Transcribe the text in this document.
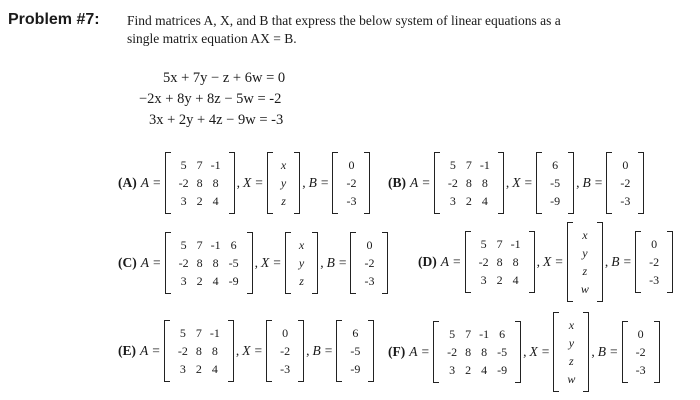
Problem #7: Find matrices A, X, and B that express the below system of linear equations as a
single matrix equation AX = B.
5x + 7y − z + 6w = 0
−2x + 8y + 8z − 5w = -2
3x + 2y + 4z − 9w = -3
(A) A =
5	7	-1
-2	8	8
3	2	4
, X =
x
y
z
, B =
0
-2
-3
(B) A =
5	7	-1
-2	8	8
3	2	4
, X =
6
-5
-9
, B =
0
-2
-3
(C) A =
5	7	-1	6
-2	8	8	-5
3	2	4	-9
, X =
x
y
z
, B =
0
-2
-3
(D) A =
5	7	-1
-2	8	8
3	2	4
, X =
x
y
z
w
, B =
0
-2
-3
(E) A =
5	7	-1
-2	8	8
3	2	4
, X =
0
-2
-3
, B =
6
-5
-9
(F) A =
5	7	-1	6
-2	8	8	-5
3	2	4	-9
, X =
x
y
z
w
, B =
0
-2
-3
